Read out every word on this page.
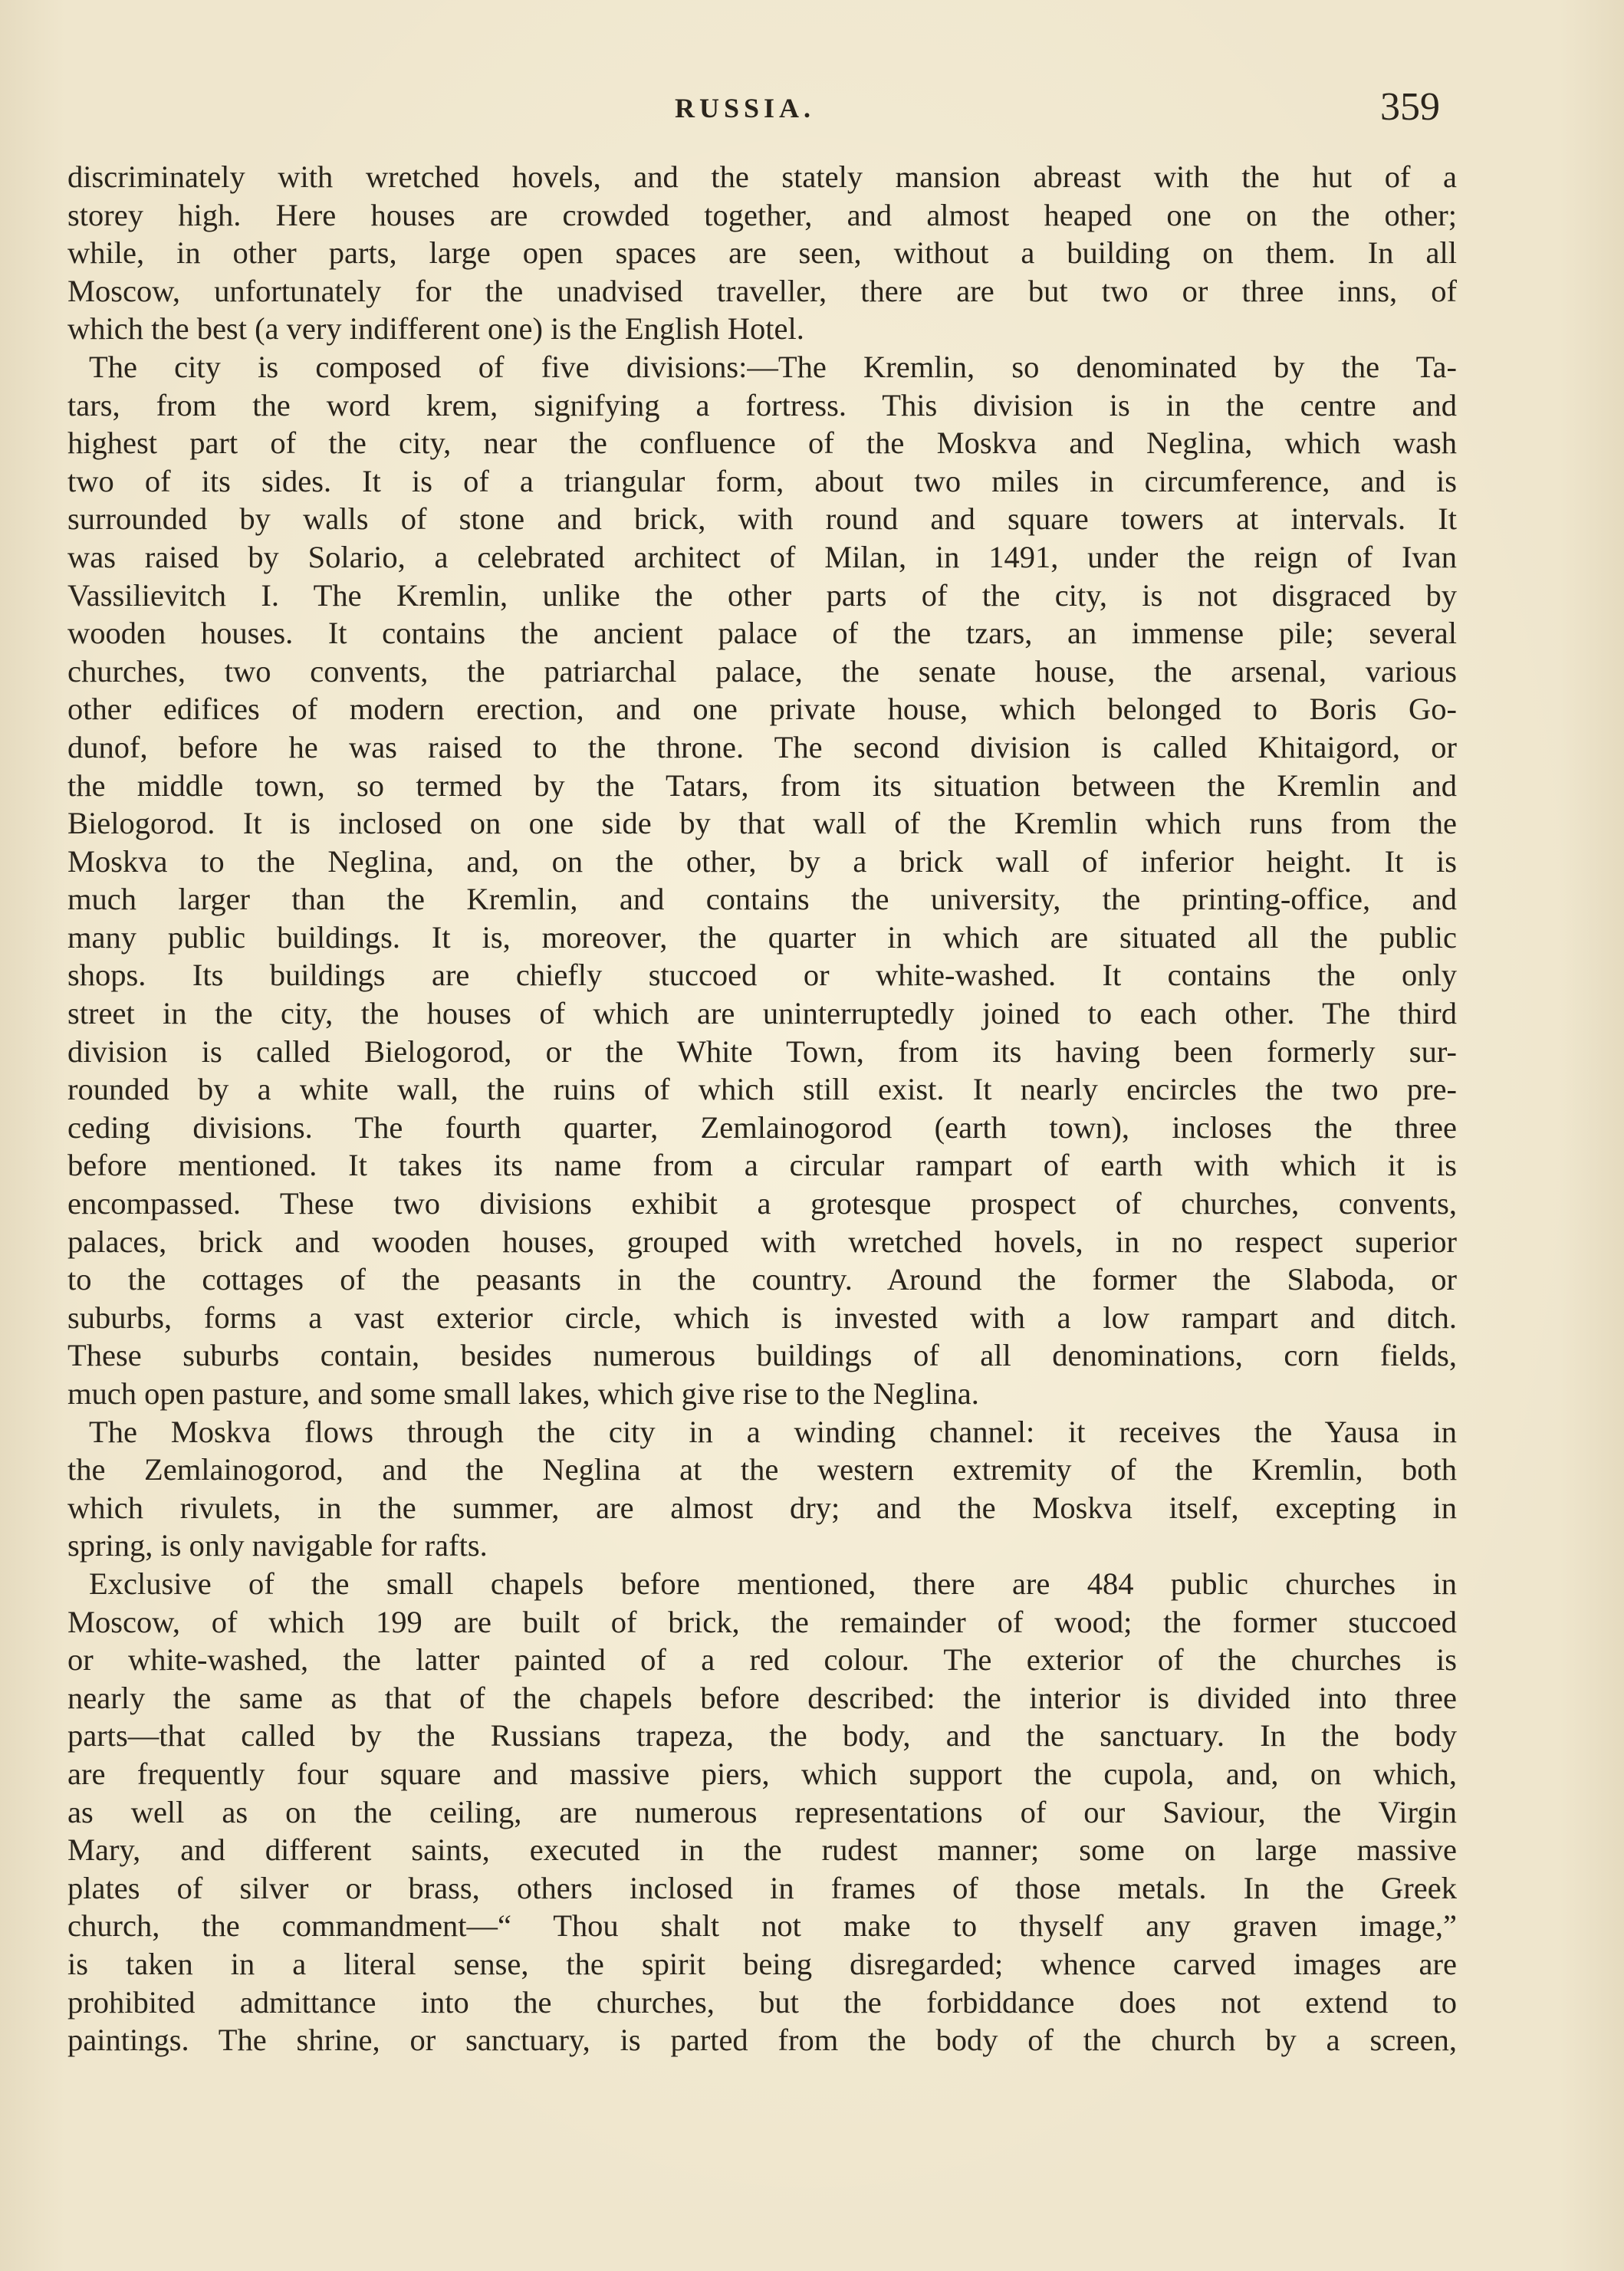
RUSSIA.	359
discriminately with wretched hovels, and the stately mansion abreast with the hut of a
storey high. Here houses are crowded together, and almost heaped one on the other;
while, in other parts, large open spaces are seen, without a building on them. In all
Moscow, unfortunately for the unadvised traveller, there are but two or three inns, of
which the best (a very indifferent one) is the English Hotel.
The city is composed of five divisions:—The Kremlin, so denominated by the Ta-
tars, from the word krem, signifying a fortress. This division is in the centre and
highest part of the city, near the confluence of the Moskva and Neglina, which wash
two of its sides. It is of a triangular form, about two miles in circumference, and is
surrounded by walls of stone and brick, with round and square towers at intervals. It
was raised by Solario, a celebrated architect of Milan, in 1491, under the reign of Ivan
Vassilievitch I. The Kremlin, unlike the other parts of the city, is not disgraced by
wooden houses. It contains the ancient palace of the tzars, an immense pile; several
churches, two convents, the patriarchal palace, the senate house, the arsenal, various
other edifices of modern erection, and one private house, which belonged to Boris Go-
dunof, before he was raised to the throne. The second division is called Khitaigord, or
the middle town, so termed by the Tatars, from its situation between the Kremlin and
Bielogorod. It is inclosed on one side by that wall of the Kremlin which runs from the
Moskva to the Neglina, and, on the other, by a brick wall of inferior height. It is
much larger than the Kremlin, and contains the university, the printing-office, and
many public buildings. It is, moreover, the quarter in which are situated all the public
shops. Its buildings are chiefly stuccoed or white-washed. It contains the only
street in the city, the houses of which are uninterruptedly joined to each other. The third
division is called Bielogorod, or the White Town, from its having been formerly sur-
rounded by a white wall, the ruins of which still exist. It nearly encircles the two pre-
ceding divisions. The fourth quarter, Zemlainogorod (earth town), incloses the three
before mentioned. It takes its name from a circular rampart of earth with which it is
encompassed. These two divisions exhibit a grotesque prospect of churches, convents,
palaces, brick and wooden houses, grouped with wretched hovels, in no respect superior
to the cottages of the peasants in the country. Around the former the Slaboda, or
suburbs, forms a vast exterior circle, which is invested with a low rampart and ditch.
These suburbs contain, besides numerous buildings of all denominations, corn fields,
much open pasture, and some small lakes, which give rise to the Neglina.
The Moskva flows through the city in a winding channel: it receives the Yausa in
the Zemlainogorod, and the Neglina at the western extremity of the Kremlin, both
which rivulets, in the summer, are almost dry; and the Moskva itself, excepting in
spring, is only navigable for rafts.
Exclusive of the small chapels before mentioned, there are 484 public churches in
Moscow, of which 199 are built of brick, the remainder of wood; the former stuccoed
or white-washed, the latter painted of a red colour. The exterior of the churches is
nearly the same as that of the chapels before described: the interior is divided into three
parts—that called by the Russians trapeza, the body, and the sanctuary. In the body
are frequently four square and massive piers, which support the cupola, and, on which,
as well as on the ceiling, are numerous representations of our Saviour, the Virgin
Mary, and different saints, executed in the rudest manner; some on large massive
plates of silver or brass, others inclosed in frames of those metals. In the Greek
church, the commandment—“ Thou shalt not make to thyself any graven image,”
is taken in a literal sense, the spirit being disregarded; whence carved images are
prohibited admittance into the churches, but the forbiddance does not extend to
paintings. The shrine, or sanctuary, is parted from the body of the church by a screen,
